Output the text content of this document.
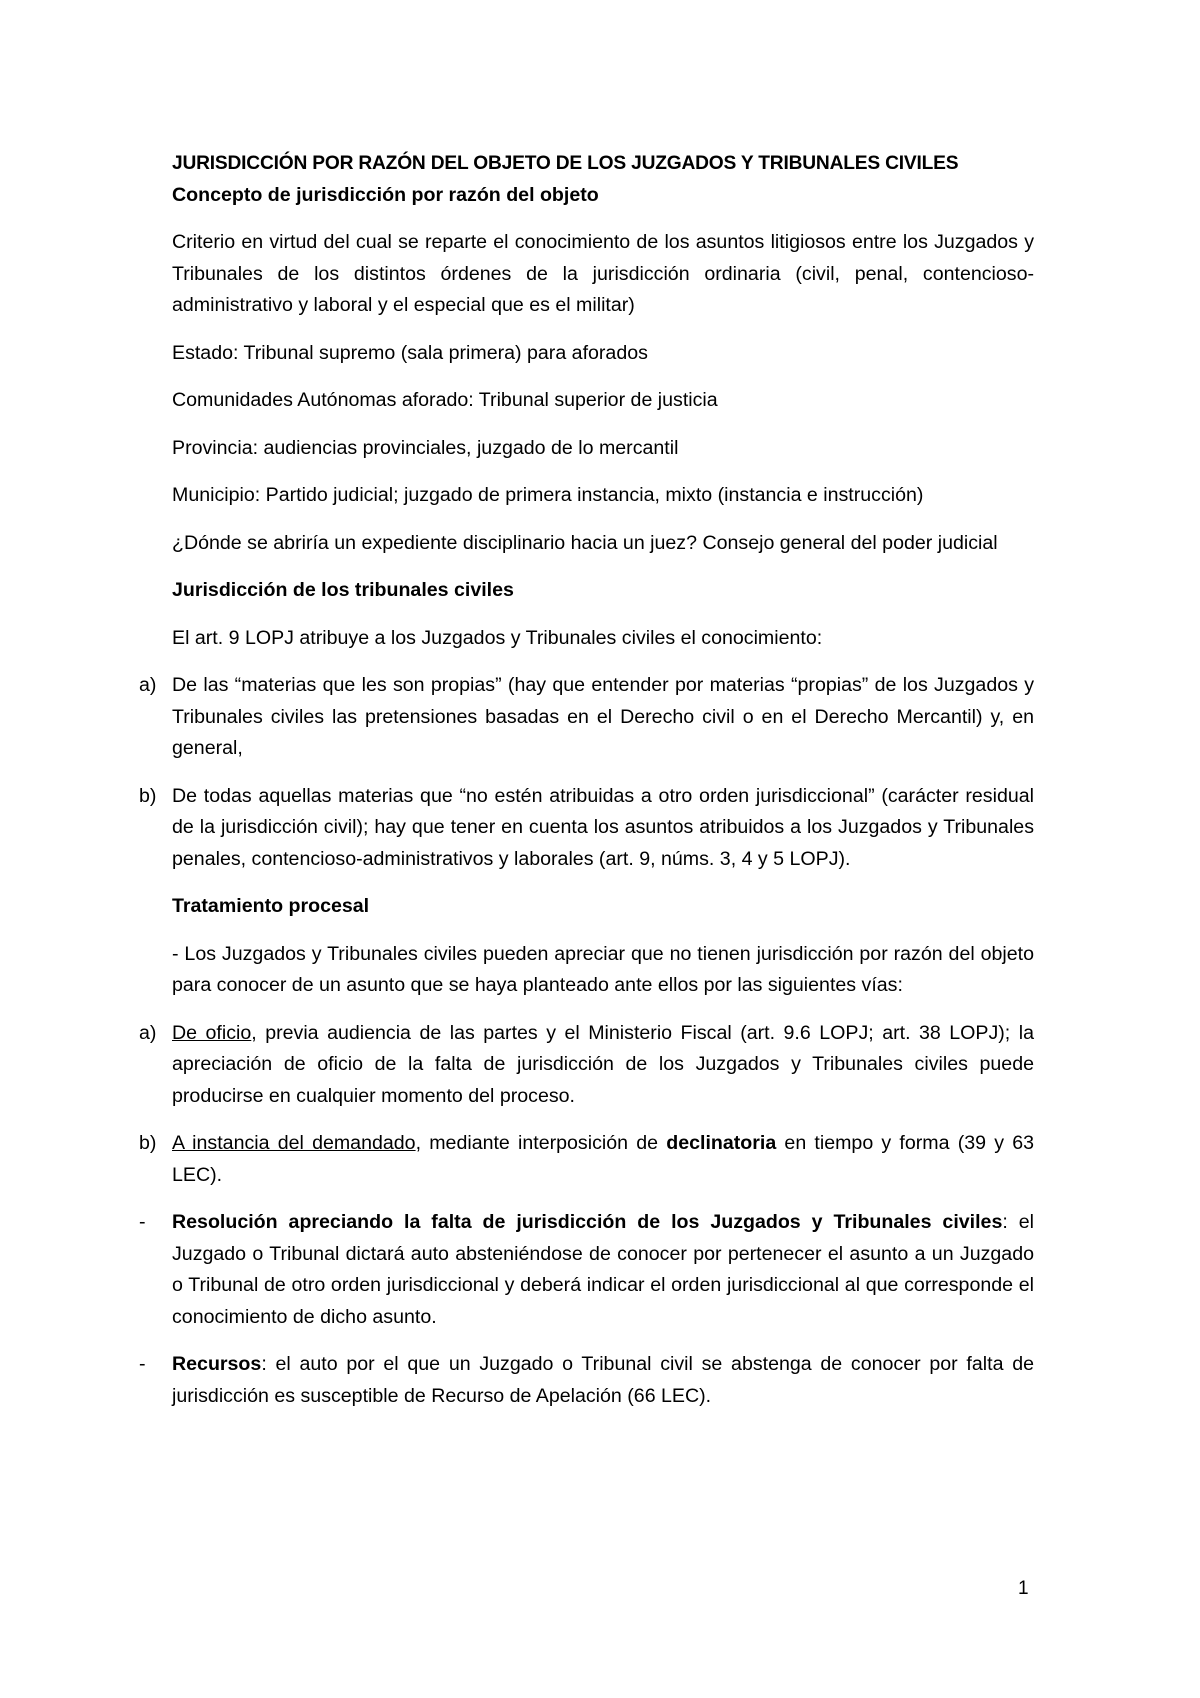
JURISDICCIÓN POR RAZÓN DEL OBJETO DE LOS JUZGADOS Y TRIBUNALES CIVILES

Concepto de jurisdicción por razón del objeto

Criterio en virtud del cual se reparte el conocimiento de los asuntos litigiosos entre los Juzgados y Tribunales de los distintos órdenes de la jurisdicción ordinaria (civil, penal, contencioso-administrativo y laboral y el especial que es el militar)

Estado: Tribunal supremo (sala primera) para aforados

Comunidades Autónomas aforado: Tribunal superior de justicia

Provincia: audiencias provinciales, juzgado de lo mercantil

Municipio: Partido judicial; juzgado de primera instancia, mixto (instancia e instrucción)

¿Dónde se abriría un expediente disciplinario hacia un juez? Consejo general del poder judicial

Jurisdicción de los tribunales civiles

El art. 9 LOPJ atribuye a los Juzgados y Tribunales civiles el conocimiento:

a) De las “materias que les son propias” (hay que entender por materias “propias” de los Juzgados y Tribunales civiles las pretensiones basadas en el Derecho civil o en el Derecho Mercantil) y, en general,
b) De todas aquellas materias que “no estén atribuidas a otro orden jurisdiccional” (carácter residual de la jurisdicción civil); hay que tener en cuenta los asuntos atribuidos a los Juzgados y Tribunales penales, contencioso-administrativos y laborales (art. 9, núms. 3, 4 y 5 LOPJ).

Tratamiento procesal

- Los Juzgados y Tribunales civiles pueden apreciar que no tienen jurisdicción por razón del objeto para conocer de un asunto que se haya planteado ante ellos por las siguientes vías:

a) De oficio, previa audiencia de las partes y el Ministerio Fiscal (art. 9.6 LOPJ; art. 38 LOPJ); la apreciación de oficio de la falta de jurisdicción de los Juzgados y Tribunales civiles puede producirse en cualquier momento del proceso.
b) A instancia del demandado, mediante interposición de declinatoria en tiempo y forma (39 y 63 LEC).
- Resolución apreciando la falta de jurisdicción de los Juzgados y Tribunales civiles: el Juzgado o Tribunal dictará auto absteniéndose de conocer por pertenecer el asunto a un Juzgado o Tribunal de otro orden jurisdiccional y deberá indicar el orden jurisdiccional al que corresponde el conocimiento de dicho asunto.
- Recursos: el auto por el que un Juzgado o Tribunal civil se abstenga de conocer por falta de jurisdicción es susceptible de Recurso de Apelación (66 LEC).
1
